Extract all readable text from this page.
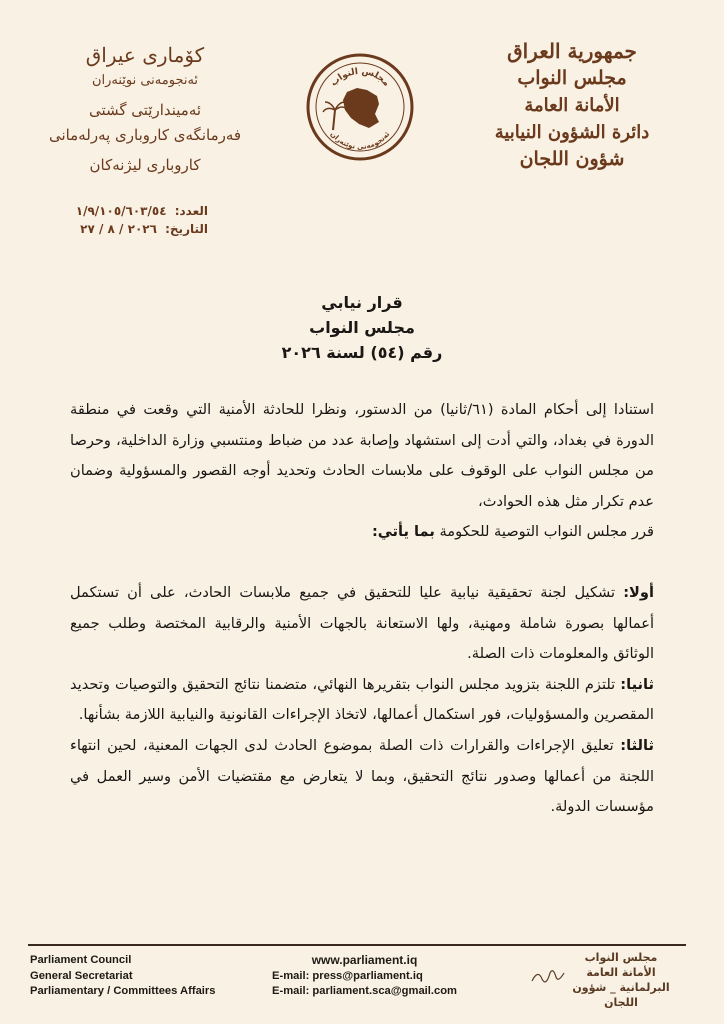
جمهورية العراق
مجلس النواب
الأمانة العامة
دائرة الشؤون النيابية
شؤون اللجان
مجلس النواب
ئەنجومەنی نوێنەران
كۆماری عیراق
ئەنجومەنی نوێنەران
ئەمیندارێتی گشتی
فەرمانگەی کاروباری پەرلەمانی
کاروباری لیژنەکان
العدد: ١/٩/١٠٥/٦٠٣/٥٤
التاريخ: ٢٠٢٦ / ٨ / ٢٧
قرار نيابي
مجلس النواب
رقم (٥٤) لسنة ٢٠٢٦

استنادا إلى أحكام المادة (٦١/ثانيا) من الدستور، ونظرا للحادثة الأمنية التي وقعت في منطقة الدورة في بغداد، والتي أدت إلى استشهاد وإصابة عدد من ضباط ومنتسبي وزارة الداخلية، وحرصا من مجلس النواب على الوقوف على ملابسات الحادث وتحديد أوجه القصور والمسؤولية وضمان عدم تكرار مثل هذه الحوادث،

قرر مجلس النواب التوصية للحكومة بما يأتي:

أولا: تشكيل لجنة تحقيقية نيابية عليا للتحقيق في جميع ملابسات الحادث، على أن تستكمل أعمالها بصورة شاملة ومهنية، ولها الاستعانة بالجهات الأمنية والرقابية المختصة وطلب جميع الوثائق والمعلومات ذات الصلة.

ثانيا: تلتزم اللجنة بتزويد مجلس النواب بتقريرها النهائي، متضمنا نتائج التحقيق والتوصيات وتحديد المقصرين والمسؤوليات، فور استكمال أعمالها، لاتخاذ الإجراءات القانونية والنيابية اللازمة بشأنها.

ثالثا: تعليق الإجراءات والقرارات ذات الصلة بموضوع الحادث لدى الجهات المعنية، لحين انتهاء اللجنة من أعمالها وصدور نتائج التحقيق، وبما لا يتعارض مع مقتضيات الأمن وسير العمل في مؤسسات الدولة.

Parliament Council
General Secretariat
Parliamentary / Committees Affairs
www.parliament.iq
E-mail: press@parliament.iq
E-mail: parliament.sca@gmail.com
مجلس النواب
الأمانة العامة
البرلمانية _ شؤون اللجان
